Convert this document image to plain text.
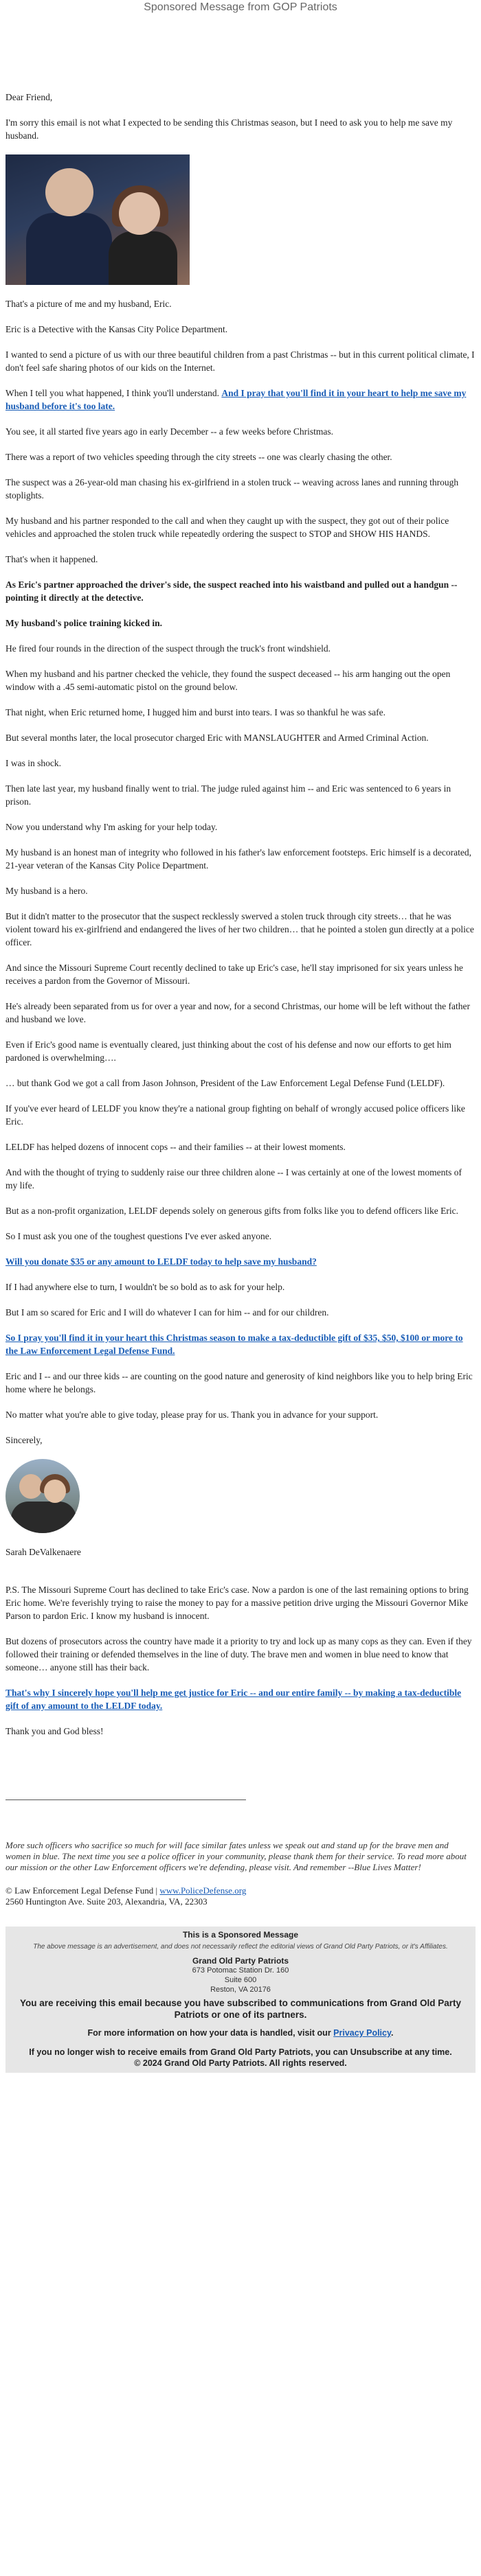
Sponsored Message from GOP Patriots

Dear Friend,

I'm sorry this email is not what I expected to be sending this Christmas season, but I need to ask you to help me save my husband.

That's a picture of me and my husband, Eric.

Eric is a Detective with the Kansas City Police Department.

I wanted to send a picture of us with our three beautiful children from a past Christmas -- but in this current political climate, I don't feel safe sharing photos of our kids on the Internet.

When I tell you what happened, I think you'll understand. And I pray that you'll find it in your heart to help me save my husband before it's too late.

You see, it all started five years ago in early December -- a few weeks before Christmas.

There was a report of two vehicles speeding through the city streets -- one was clearly chasing the other.

The suspect was a 26-year-old man chasing his ex-girlfriend in a stolen truck -- weaving across lanes and running through stoplights.

My husband and his partner responded to the call and when they caught up with the suspect, they got out of their police vehicles and approached the stolen truck while repeatedly ordering the suspect to STOP and SHOW HIS HANDS.

That's when it happened.

As Eric's partner approached the driver's side, the suspect reached into his waistband and pulled out a handgun -- pointing it directly at the detective.

My husband's police training kicked in.

He fired four rounds in the direction of the suspect through the truck's front windshield.

When my husband and his partner checked the vehicle, they found the suspect deceased -- his arm hanging out the open window with a .45 semi-automatic pistol on the ground below.

That night, when Eric returned home, I hugged him and burst into tears. I was so thankful he was safe.

But several months later, the local prosecutor charged Eric with MANSLAUGHTER and Armed Criminal Action.

I was in shock.

Then late last year, my husband finally went to trial. The judge ruled against him -- and Eric was sentenced to 6 years in prison.

Now you understand why I'm asking for your help today.

My husband is an honest man of integrity who followed in his father's law enforcement footsteps. Eric himself is a decorated, 21-year veteran of the Kansas City Police Department.

My husband is a hero.

But it didn't matter to the prosecutor that the suspect recklessly swerved a stolen truck through city streets… that he was violent toward his ex-girlfriend and endangered the lives of her two children… that he pointed a stolen gun directly at a police officer.

And since the Missouri Supreme Court recently declined to take up Eric's case, he'll stay imprisoned for six years unless he receives a pardon from the Governor of Missouri.

He's already been separated from us for over a year and now, for a second Christmas, our home will be left without the father and husband we love.

Even if Eric's good name is eventually cleared, just thinking about the cost of his defense and now our efforts to get him pardoned is overwhelming….

… but thank God we got a call from Jason Johnson, President of the Law Enforcement Legal Defense Fund (LELDF).

If you've ever heard of LELDF you know they're a national group fighting on behalf of wrongly accused police officers like Eric.

LELDF has helped dozens of innocent cops -- and their families -- at their lowest moments.

And with the thought of trying to suddenly raise our three children alone -- I was certainly at one of the lowest moments of my life.

But as a non-profit organization, LELDF depends solely on generous gifts from folks like you to defend officers like Eric.

So I must ask you one of the toughest questions I've ever asked anyone.

Will you donate $35 or any amount to LELDF today to help save my husband?

If I had anywhere else to turn, I wouldn't be so bold as to ask for your help.

But I am so scared for Eric and I will do whatever I can for him -- and for our children.

So I pray you'll find it in your heart this Christmas season to make a tax-deductible gift of $35, $50, $100 or more to the Law Enforcement Legal Defense Fund.

Eric and I -- and our three kids -- are counting on the good nature and generosity of kind neighbors like you to help bring Eric home where he belongs.

No matter what you're able to give today, please pray for us. Thank you in advance for your support.

Sincerely,

Sarah DeValkenaere

P.S. The Missouri Supreme Court has declined to take Eric's case. Now a pardon is one of the last remaining options to bring Eric home. We're feverishly trying to raise the money to pay for a massive petition drive urging the Missouri Governor Mike Parson to pardon Eric. I know my husband is innocent.

But dozens of prosecutors across the country have made it a priority to try and lock up as many cops as they can. Even if they followed their training or defended themselves in the line of duty. The brave men and women in blue need to know that someone… anyone still has their back.

That's why I sincerely hope you'll help me get justice for Eric -- and our entire family -- by making a tax-deductible gift of any amount to the LELDF today.

Thank you and God bless!

More such officers who sacrifice so much for will face similar fates unless we speak out and stand up for the brave men and women in blue. The next time you see a police officer in your community, please thank them for their service. To read more about our mission or the other Law Enforcement officers we're defending, please visit. And remember --Blue Lives Matter!

© Law Enforcement Legal Defense Fund | www.PoliceDefense.org
2560 Huntington Ave. Suite 203, Alexandria, VA, 22303
This is a Sponsored Message
The above message is an advertisement, and does not necessarily reflect the editorial views of Grand Old Party Patriots, or it's Affiliates.
Grand Old Party Patriots
673 Potomac Station Dr. 160
Suite 600
Reston, VA 20176
You are receiving this email because you have subscribed to communications from Grand Old Party Patriots or one of its partners.
For more information on how your data is handled, visit our Privacy Policy.
If you no longer wish to receive emails from Grand Old Party Patriots, you can Unsubscribe at any time.
© 2024 Grand Old Party Patriots. All rights reserved.
